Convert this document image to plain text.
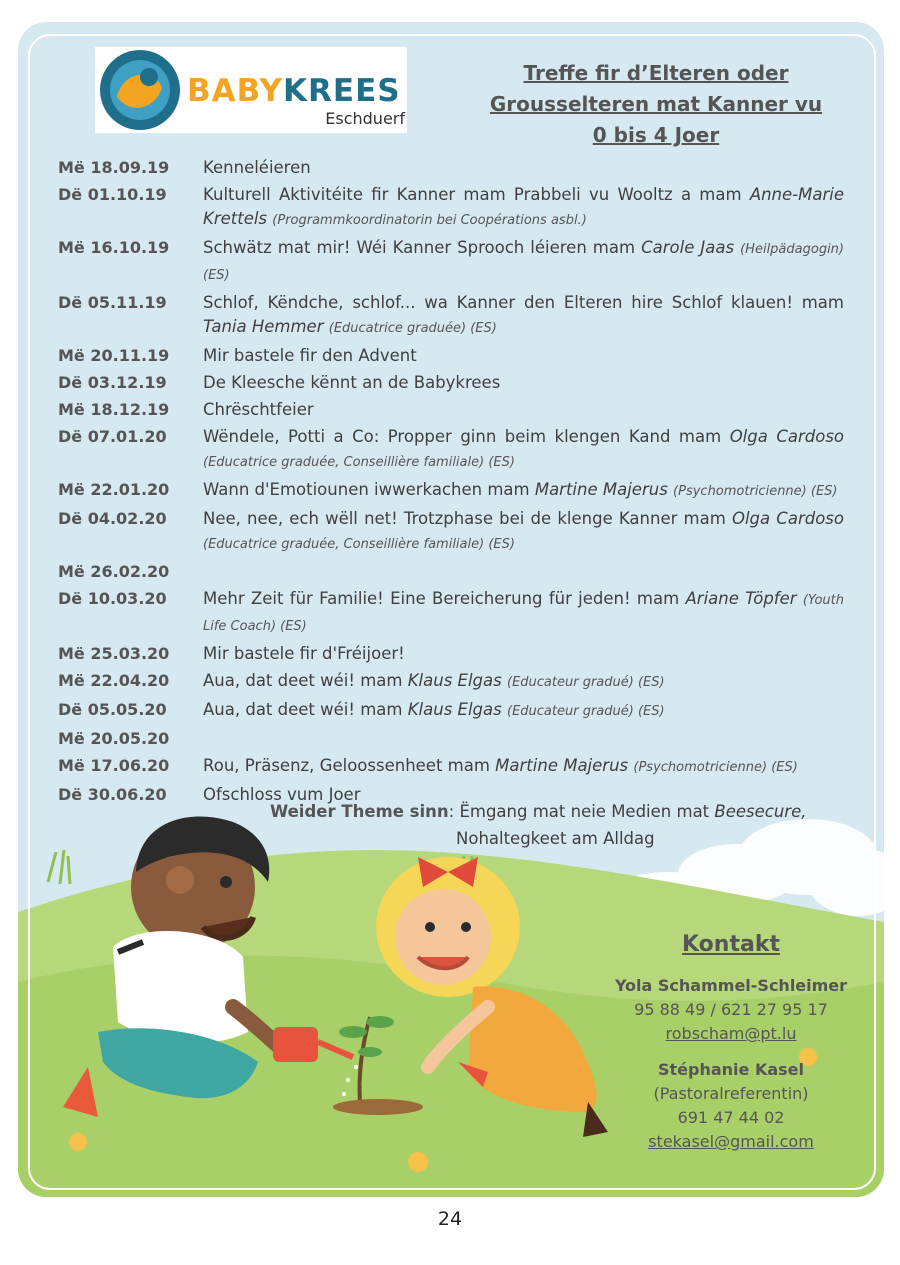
BABYKREES
Eschduerf
Treffe fir d’Elteren oder
Grousselteren mat Kanner vu
0 bis 4 Joer
Më 18.09.19	Kenneléieren
Dë 01.10.19	Kulturell Aktivitéite fir Kanner mam Prabbeli vu Wooltz a mam Anne-Marie Krettels (Programmkoordinatorin bei Coopérations asbl.)
Më 16.10.19	Schwätz mat mir! Wéi Kanner Sprooch léieren mam Carole Jaas (Heilpädagogin) (ES)
Dë 05.11.19	Schlof, Këndche, schlof... wa Kanner den Elteren hire Schlof klauen! mam Tania Hemmer (Educatrice graduée) (ES)
Më 20.11.19	Mir bastele fir den Advent
Dë 03.12.19	De Kleesche kënnt an de Babykrees
Më 18.12.19	Chrëschtfeier
Dë 07.01.20	Wëndele, Potti a Co: Propper ginn beim klengen Kand mam Olga Cardoso (Educatrice graduée, Conseillière familiale) (ES)
Më 22.01.20	Wann d'Emotiounen iwwerkachen mam Martine Majerus (Psychomotricienne) (ES)
Dë 04.02.20	Nee, nee, ech wëll net! Trotzphase bei de klenge Kanner mam Olga Cardoso (Educatrice graduée, Conseillière familiale) (ES)
Më 26.02.20

Dë 10.03.20	Mehr Zeit für Familie! Eine Bereicherung für jeden! mam Ariane Töpfer (Youth Life Coach) (ES)
Më 25.03.20	Mir bastele fir d'Fréijoer!
Më 22.04.20	Aua, dat deet wéi! mam Klaus Elgas (Educateur gradué) (ES)
Dë 05.05.20	Aua, dat deet wéi! mam Klaus Elgas (Educateur gradué) (ES)
Më 20.05.20

Më 17.06.20	Rou, Präsenz, Geloossenheet mam Martine Majerus (Psychomotricienne) (ES)
Dë 30.06.20	Ofschloss vum Joer
Weider Theme sinn: Ëmgang mat neie Medien mat Beesecure,
Nohaltegkeet am Alldag
Kontakt
Yola Schammel-Schleimer
95 88 49 / 621 27 95 17
robscham@pt.lu
Stéphanie Kasel
(Pastoralreferentin)
691 47 44 02
stekasel@gmail.com
24
